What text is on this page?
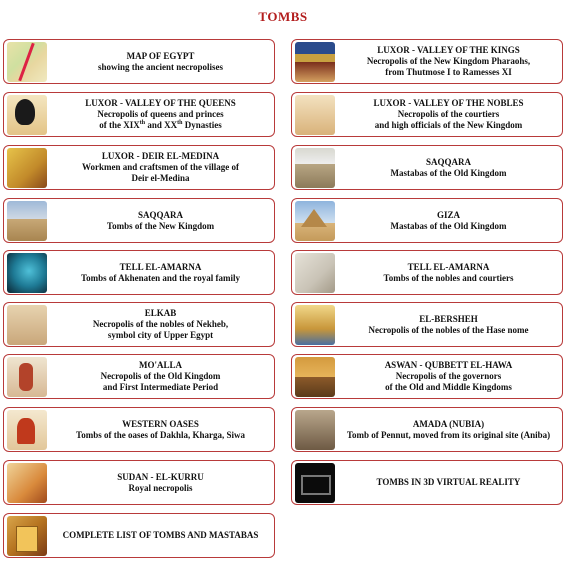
TOMBS
MAP OF EGYPT
showing the ancient necropolises
LUXOR - VALLEY OF THE QUEENS
Necropolis of queens and princes
of the XIXth and XXth Dynasties
LUXOR - DEIR EL-MEDINA
Workmen and craftsmen of the village of
Deir el-Medina
SAQQARA
Tombs of the New Kingdom
TELL EL-AMARNA
Tombs of Akhenaten and the royal family
ELKAB
Necropolis of the nobles of Nekheb,
symbol city of Upper Egypt
MO'ALLA
Necropolis of the Old Kingdom
and First Intermediate Period
WESTERN OASES
Tombs of the oases of Dakhla, Kharga, Siwa
SUDAN - EL-KURRU
Royal necropolis
COMPLETE LIST OF TOMBS AND MASTABAS
LUXOR - VALLEY OF THE KINGS
Necropolis of the New Kingdom Pharaohs,
from Thutmose I to Ramesses XI
LUXOR - VALLEY OF THE NOBLES
Necropolis of the courtiers
and high officials of the New Kingdom
SAQQARA
Mastabas of the Old Kingdom
GIZA
Mastabas of the Old Kingdom
TELL EL-AMARNA
Tombs of the nobles and courtiers
EL-BERSHEH
Necropolis of the nobles of the Hase nome
ASWAN - QUBBETT EL-HAWA
Necropolis of the governors
of the Old and Middle Kingdoms
AMADA (NUBIA)
Tomb of Pennut, moved from its original site (Aniba)
TOMBS IN 3D VIRTUAL REALITY
